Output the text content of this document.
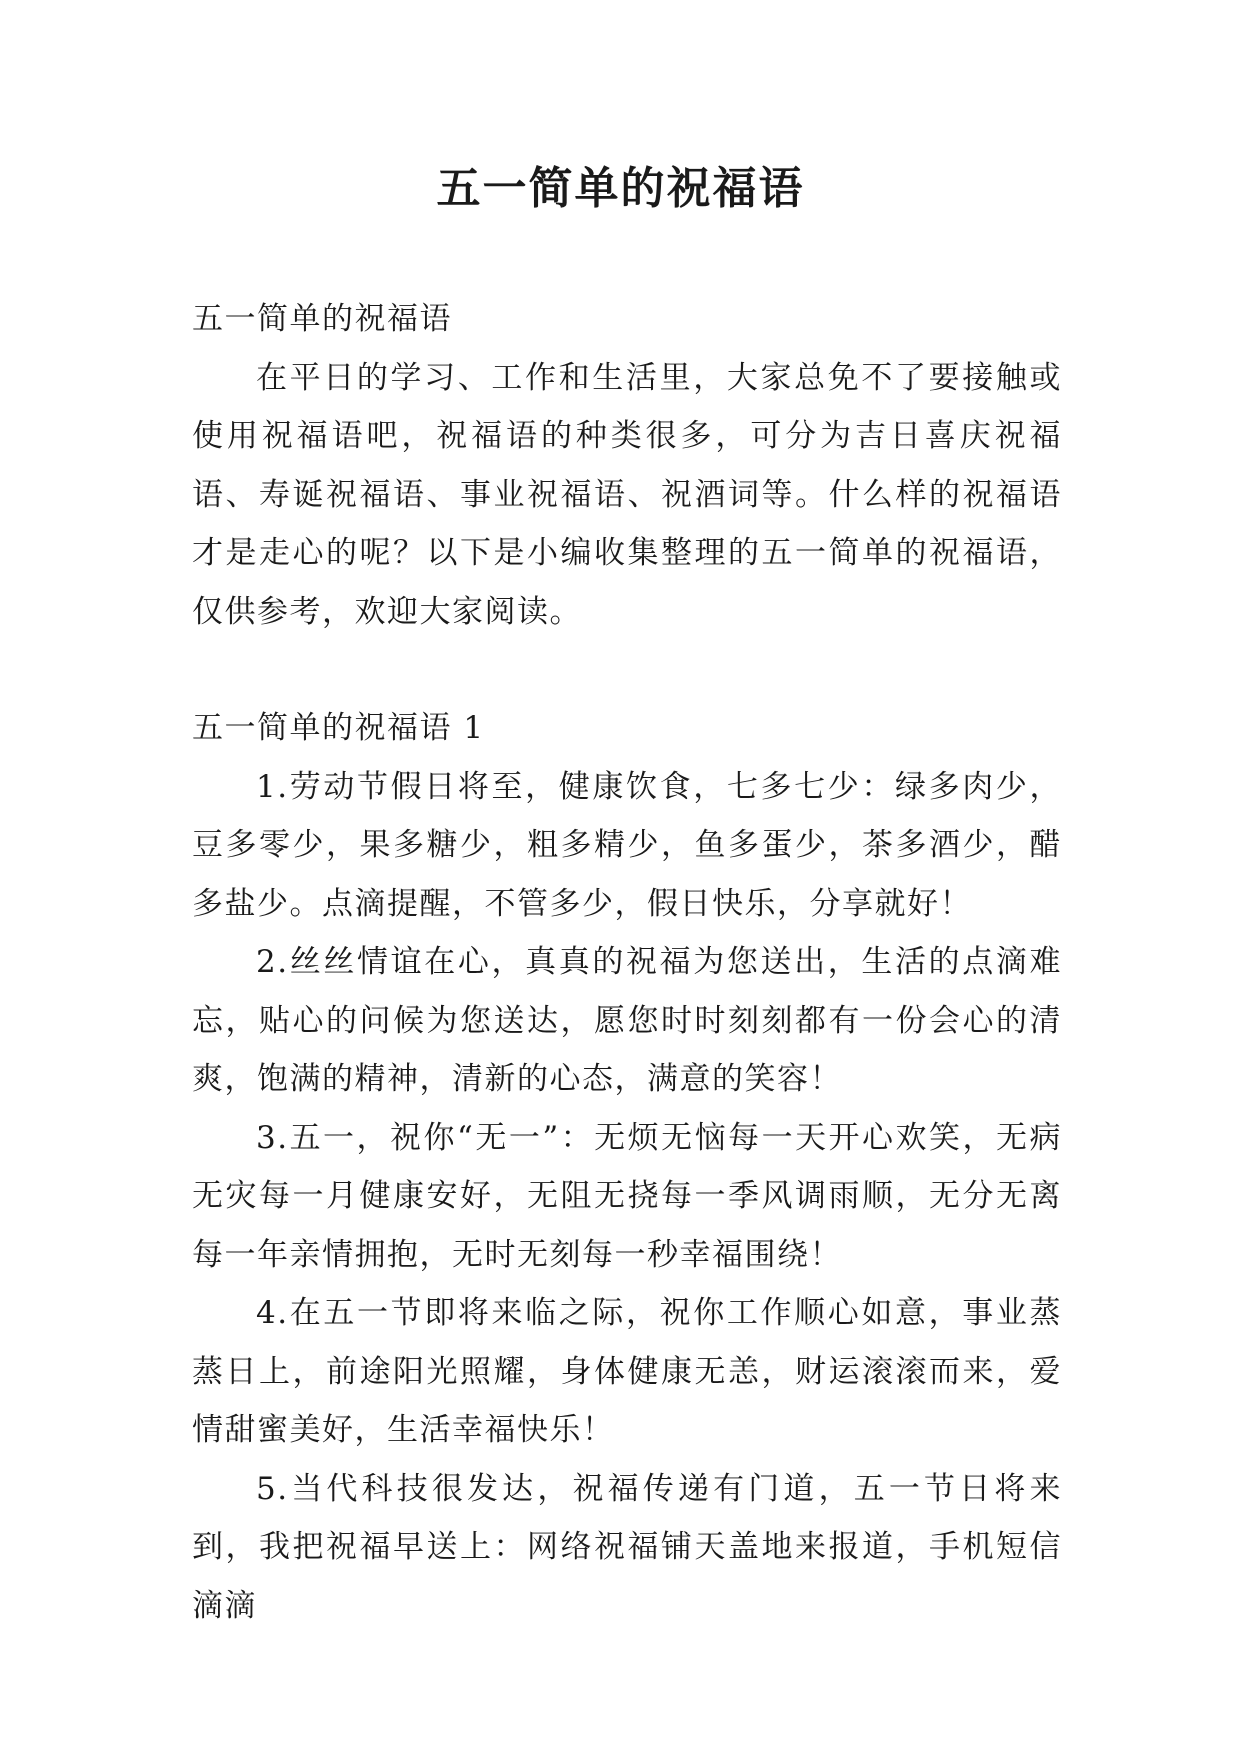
五一简单的祝福语

五一简单的祝福语

在平日的学习、工作和生活里，大家总免不了要接触或使用祝福语吧，祝福语的种类很多，可分为吉日喜庆祝福语、寿诞祝福语、事业祝福语、祝酒词等。什么样的祝福语才是走心的呢？以下是小编收集整理的五一简单的祝福语，仅供参考，欢迎大家阅读。

五一简单的祝福语 1

1.劳动节假日将至，健康饮食，七多七少：绿多肉少，豆多零少，果多糖少，粗多精少，鱼多蛋少，茶多酒少，醋多盐少。点滴提醒，不管多少，假日快乐，分享就好！

2.丝丝情谊在心，真真的祝福为您送出，生活的点滴难忘，贴心的问候为您送达，愿您时时刻刻都有一份会心的清爽，饱满的精神，清新的心态，满意的笑容！

3.五一，祝你“无一”：无烦无恼每一天开心欢笑，无病无灾每一月健康安好，无阻无挠每一季风调雨顺，无分无离每一年亲情拥抱，无时无刻每一秒幸福围绕！

4.在五一节即将来临之际，祝你工作顺心如意，事业蒸蒸日上，前途阳光照耀，身体健康无恙，财运滚滚而来，爱情甜蜜美好，生活幸福快乐！

5.当代科技很发达，祝福传递有门道，五一节日将来到，我把祝福早送上：网络祝福铺天盖地来报道，手机短信滴滴
